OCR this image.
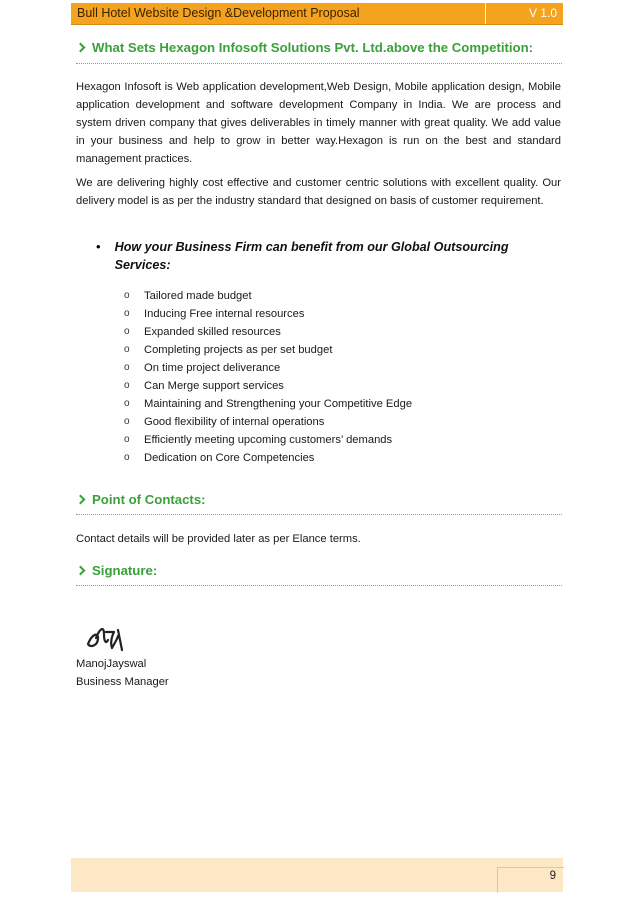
Bull Hotel Website Design &Development Proposal	V 1.0
What Sets Hexagon Infosoft Solutions Pvt. Ltd.above the Competition:

Hexagon Infosoft is Web application development,Web Design, Mobile application design, Mobile application development and software development Company in India. We are process and system driven company that gives deliverables in timely manner with great quality. We add value in your business and help to grow in better way.Hexagon is run on the best and standard management practices.

We are delivering highly cost effective and customer centric solutions with excellent quality. Our delivery model is as per the industry standard that designed on basis of customer requirement.

•	How your Business Firm can benefit from our Global Outsourcing Services:
o	Tailored made budget
o	Inducing Free internal resources
o	Expanded skilled resources
o	Completing projects as per set budget
o	On time project deliverance
o	Can Merge support services
o	Maintaining and Strengthening your Competitive Edge
o	Good flexibility of internal operations
o	Efficiently meeting upcoming customers’ demands
o	Dedication on Core Competencies
Point of Contacts:

Contact details will be provided later as per Elance terms.

Signature:

ManojJayswal

Business Manager

9
